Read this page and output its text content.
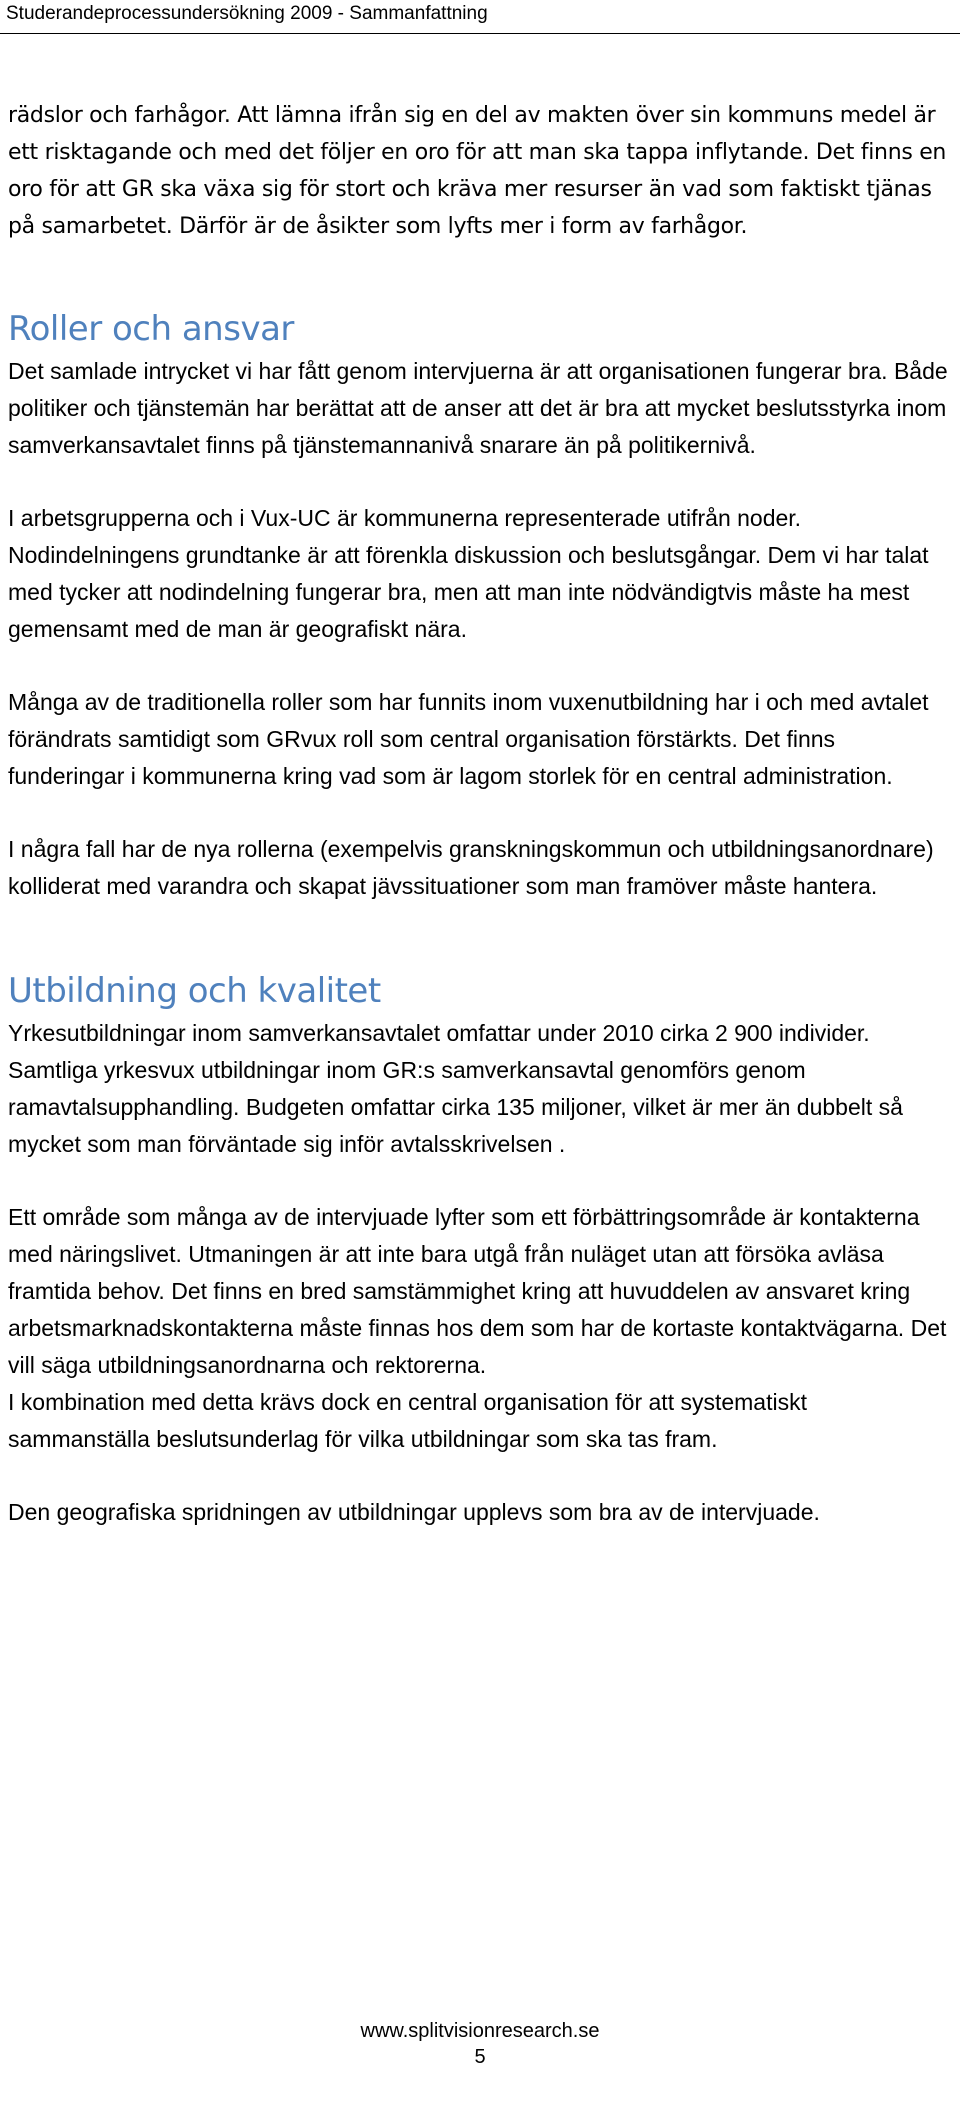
Studerandeprocessundersökning 2009 - Sammanfattning

rädslor och farhågor. Att lämna ifrån sig en del av makten över sin kommuns medel är ett risktagande och med det följer en oro för att man ska tappa inflytande. Det finns en oro för att GR ska växa sig för stort och kräva mer resurser än vad som faktiskt tjänas på samarbetet. Därför är de åsikter som lyfts mer i form av farhågor.

Roller och ansvar

Det samlade intrycket vi har fått genom intervjuerna är att organisationen fungerar bra. Både politiker och tjänstemän har berättat att de anser att det är bra att mycket beslutsstyrka inom samverkansavtalet finns på tjänstemannanivå snarare än på politikernivå.

I arbetsgrupperna och i Vux-UC är kommunerna representerade utifrån noder. Nodindelningens grundtanke är att förenkla diskussion och beslutsgångar. Dem vi har talat med tycker att nodindelning fungerar bra, men att man inte nödvändigtvis måste ha mest gemensamt med de man är geografiskt nära.

Många av de traditionella roller som har funnits inom vuxenutbildning har i och med avtalet förändrats samtidigt som GRvux roll som central organisation förstärkts. Det finns funderingar i kommunerna kring vad som är lagom storlek för en central administration.

I några fall har de nya rollerna (exempelvis granskningskommun och utbildningsanordnare) kolliderat med varandra och skapat jävssituationer som man framöver måste hantera.

Utbildning och kvalitet

Yrkesutbildningar inom samverkansavtalet omfattar under 2010 cirka 2 900 individer. Samtliga yrkesvux utbildningar inom GR:s samverkansavtal genomförs genom ramavtalsupphandling. Budgeten omfattar cirka 135 miljoner, vilket är mer än dubbelt så mycket som man förväntade sig inför avtalsskrivelsen .

Ett område som många av de intervjuade lyfter som ett förbättringsområde är kontakterna med näringslivet. Utmaningen är att inte bara utgå från nuläget utan att försöka avläsa framtida behov. Det finns en bred samstämmighet kring att huvuddelen av ansvaret kring arbetsmarknadskontakterna måste finnas hos dem som har de kortaste kontaktvägarna. Det vill säga utbildningsanordnarna och rektorerna.

I kombination med detta krävs dock en central organisation för att systematiskt sammanställa beslutsunderlag för vilka utbildningar som ska tas fram.

Den geografiska spridningen av utbildningar upplevs som bra av de intervjuade.

www.splitvisionresearch.se
5
